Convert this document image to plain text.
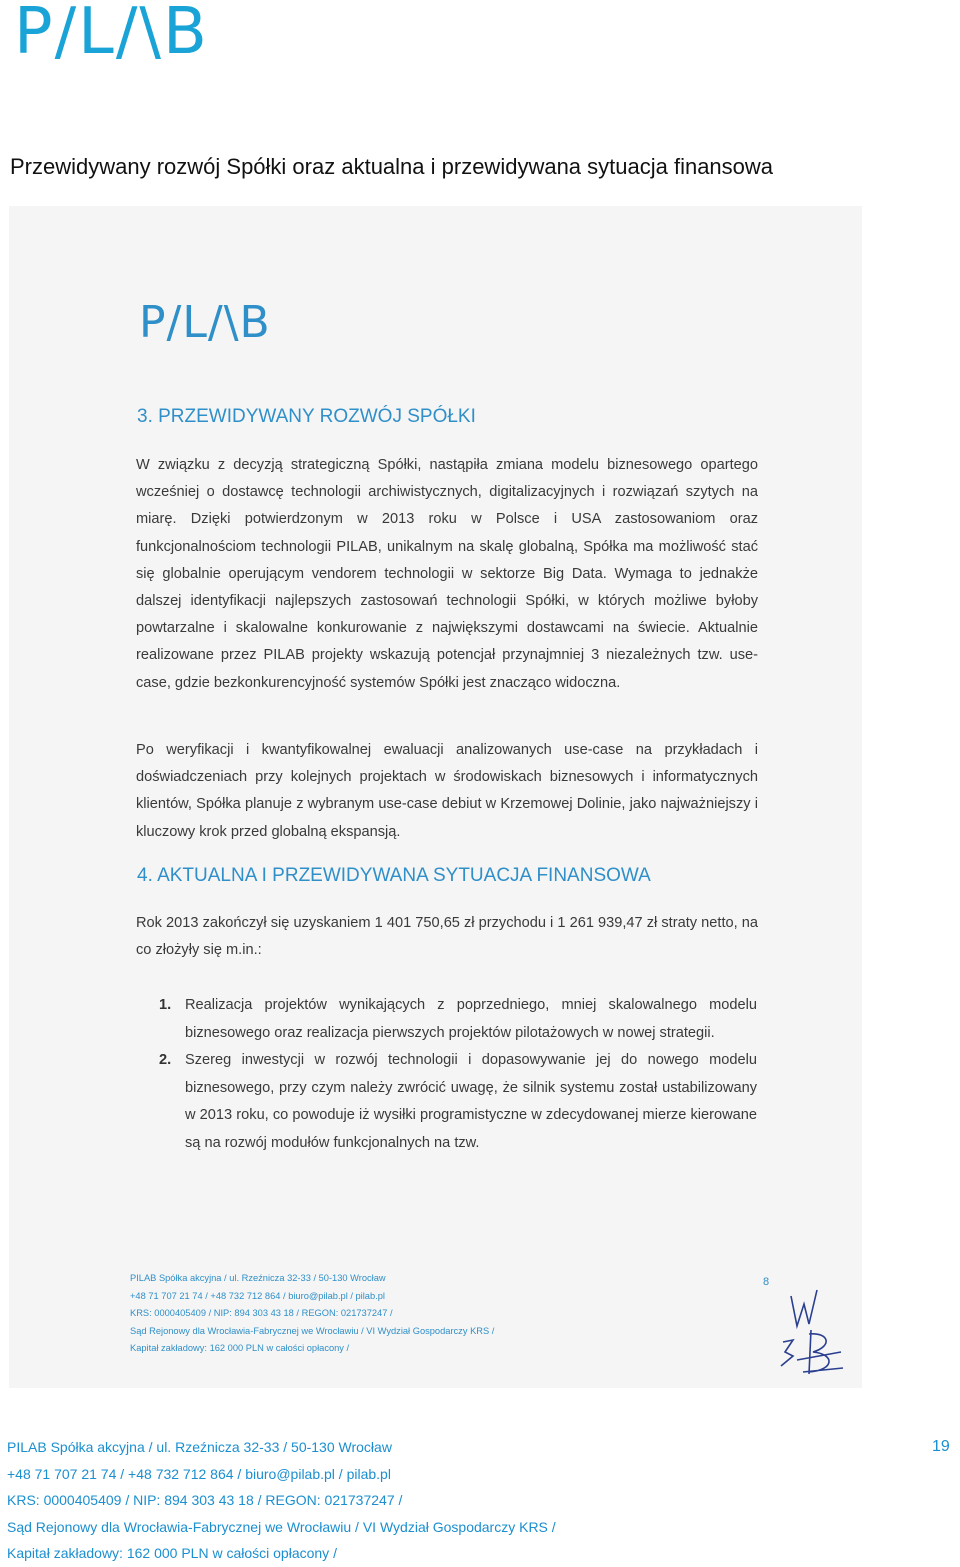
P/L/\B
Przewidywany rozwój Spółki oraz aktualna i przewidywana sytuacja finansowa
P/L/\B
3. PRZEWIDYWANY ROZWÓJ SPÓŁKI

W związku z decyzją strategiczną Spółki, nastąpiła zmiana modelu biznesowego opartego wcześniej o dostawcę technologii archiwistycznych, digitalizacyjnych i rozwiązań szytych na miarę. Dzięki potwierdzonym w 2013 roku w Polsce i USA zastosowaniom oraz funkcjonalnościom technologii PILAB, unikalnym na skalę globalną, Spółka ma możliwość stać się globalnie operującym vendorem technologii w sektorze Big Data. Wymaga to jednakże dalszej identyfikacji najlepszych zastosowań technologii Spółki, w których możliwe byłoby powtarzalne i skalowalne konkurowanie z największymi dostawcami na świecie. Aktualnie realizowane przez PILAB projekty wskazują potencjał przynajmniej 3 niezależnych tzw. use-case, gdzie bezkonkurencyjność systemów Spółki jest znacząco widoczna.

Po weryfikacji i kwantyfikowalnej ewaluacji analizowanych use-case na przykładach i doświadczeniach przy kolejnych projektach w środowiskach biznesowych i informatycznych klientów, Spółka planuje z wybranym use-case debiut w Krzemowej Dolinie, jako najważniejszy i kluczowy krok przed globalną ekspansją.

4. AKTUALNA I PRZEWIDYWANA SYTUACJA FINANSOWA

Rok 2013 zakończył się uzyskaniem 1 401 750,65 zł przychodu i 1 261 939,47 zł straty netto, na co złożyły się m.in.:

1. Realizacja projektów wynikających z poprzedniego, mniej skalowalnego modelu biznesowego oraz realizacja pierwszych projektów pilotażowych w nowej strategii.
2. Szereg inwestycji w rozwój technologii i dopasowywanie jej do nowego modelu biznesowego, przy czym należy zwrócić uwagę, że silnik systemu został ustabilizowany w 2013 roku, co powoduje iż wysiłki programistyczne w zdecydowanej mierze kierowane są na rozwój modułów funkcjonalnych na tzw.
PILAB Spółka akcyjna / ul. Rzeźnicza 32-33 / 50-130 Wrocław
+48 71 707 21 74 / +48 732 712 864 / biuro@pilab.pl / pilab.pl
KRS: 0000405409 / NIP: 894 303 43 18 / REGON: 021737247 /
Sąd Rejonowy dla Wrocławia-Fabrycznej we Wrocławiu / VI Wydział Gospodarczy KRS /
Kapitał zakładowy: 162 000 PLN w całości opłacony /
8
PILAB Spółka akcyjna / ul. Rzeźnicza 32-33 / 50-130 Wrocław
+48 71 707 21 74 / +48 732 712 864 / biuro@pilab.pl / pilab.pl
KRS: 0000405409 / NIP: 894 303 43 18 / REGON: 021737247 /
Sąd Rejonowy dla Wrocławia-Fabrycznej we Wrocławiu / VI Wydział Gospodarczy KRS /
Kapitał zakładowy: 162 000 PLN w całości opłacony /
19
